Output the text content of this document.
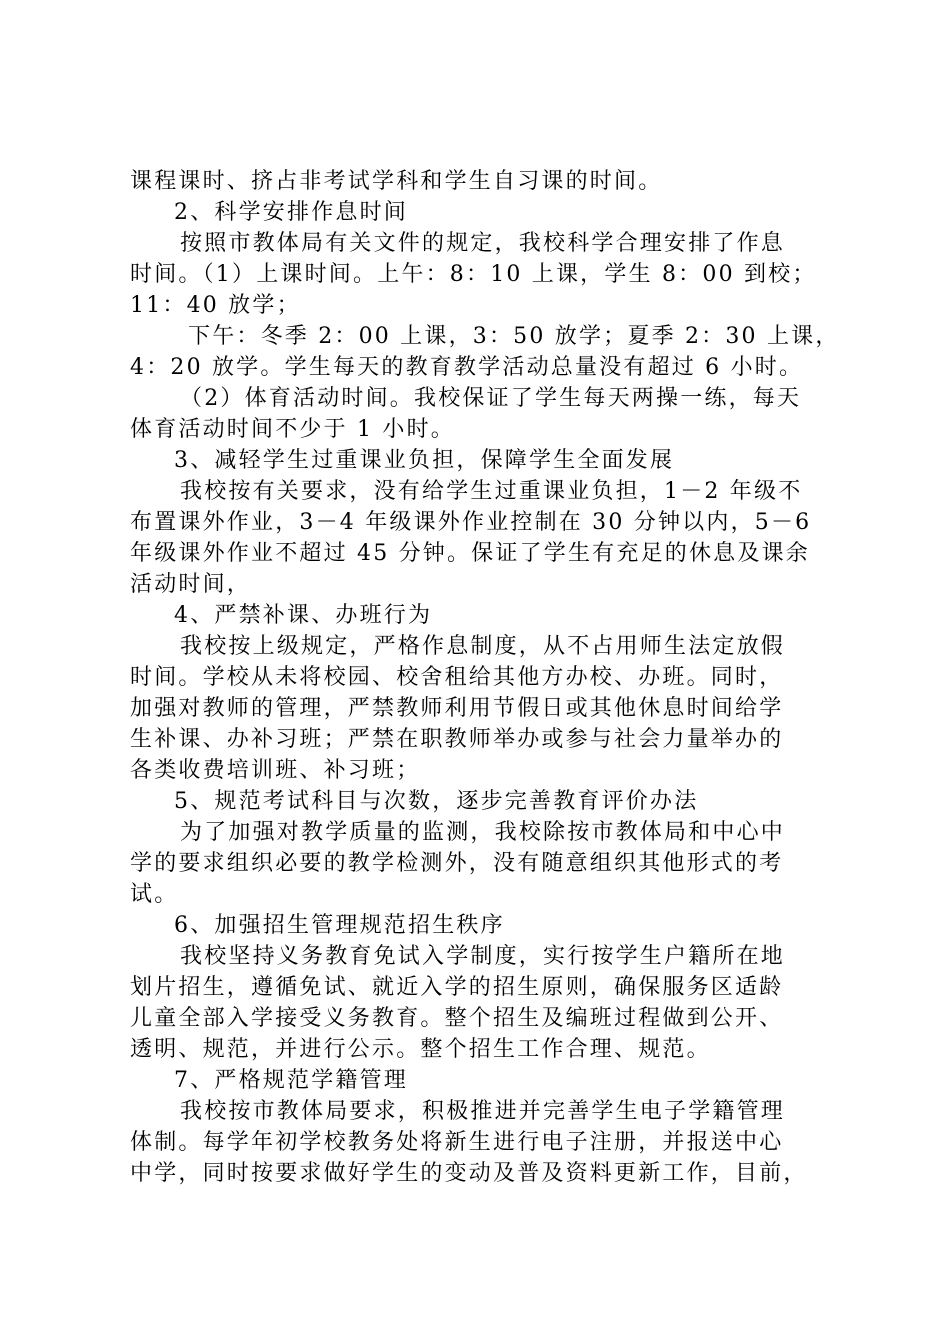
课程课时、挤占非考试学科和学生自习课的时间。
2、科学安排作息时间
按照市教体局有关文件的规定，我校科学合理安排了作息
时间。（1）上课时间。上午：8：10 上课，学生 8：00 到校；
11：40 放学；
下午：冬季 2：00 上课，3：50 放学；夏季 2：30 上课，
4：20 放学。学生每天的教育教学活动总量没有超过 6 小时。
（2）体育活动时间。我校保证了学生每天两操一练，每天
体育活动时间不少于 1 小时。
3、减轻学生过重课业负担，保障学生全面发展
我校按有关要求，没有给学生过重课业负担，1－2 年级不
布置课外作业，3－4 年级课外作业控制在 30 分钟以内，5－6
年级课外作业不超过 45 分钟。保证了学生有充足的休息及课余
活动时间，
4、严禁补课、办班行为
我校按上级规定，严格作息制度，从不占用师生法定放假
时间。学校从未将校园、校舍租给其他方办校、办班。同时，
加强对教师的管理，严禁教师利用节假日或其他休息时间给学
生补课、办补习班；严禁在职教师举办或参与社会力量举办的
各类收费培训班、补习班；
5、规范考试科目与次数，逐步完善教育评价办法
为了加强对教学质量的监测，我校除按市教体局和中心中
学的要求组织必要的教学检测外，没有随意组织其他形式的考
试。
6、加强招生管理规范招生秩序
我校坚持义务教育免试入学制度，实行按学生户籍所在地
划片招生，遵循免试、就近入学的招生原则，确保服务区适龄
儿童全部入学接受义务教育。整个招生及编班过程做到公开、
透明、规范，并进行公示。整个招生工作合理、规范。
7、严格规范学籍管理
我校按市教体局要求，积极推进并完善学生电子学籍管理
体制。每学年初学校教务处将新生进行电子注册，并报送中心
中学，同时按要求做好学生的变动及普及资料更新工作，目前，
